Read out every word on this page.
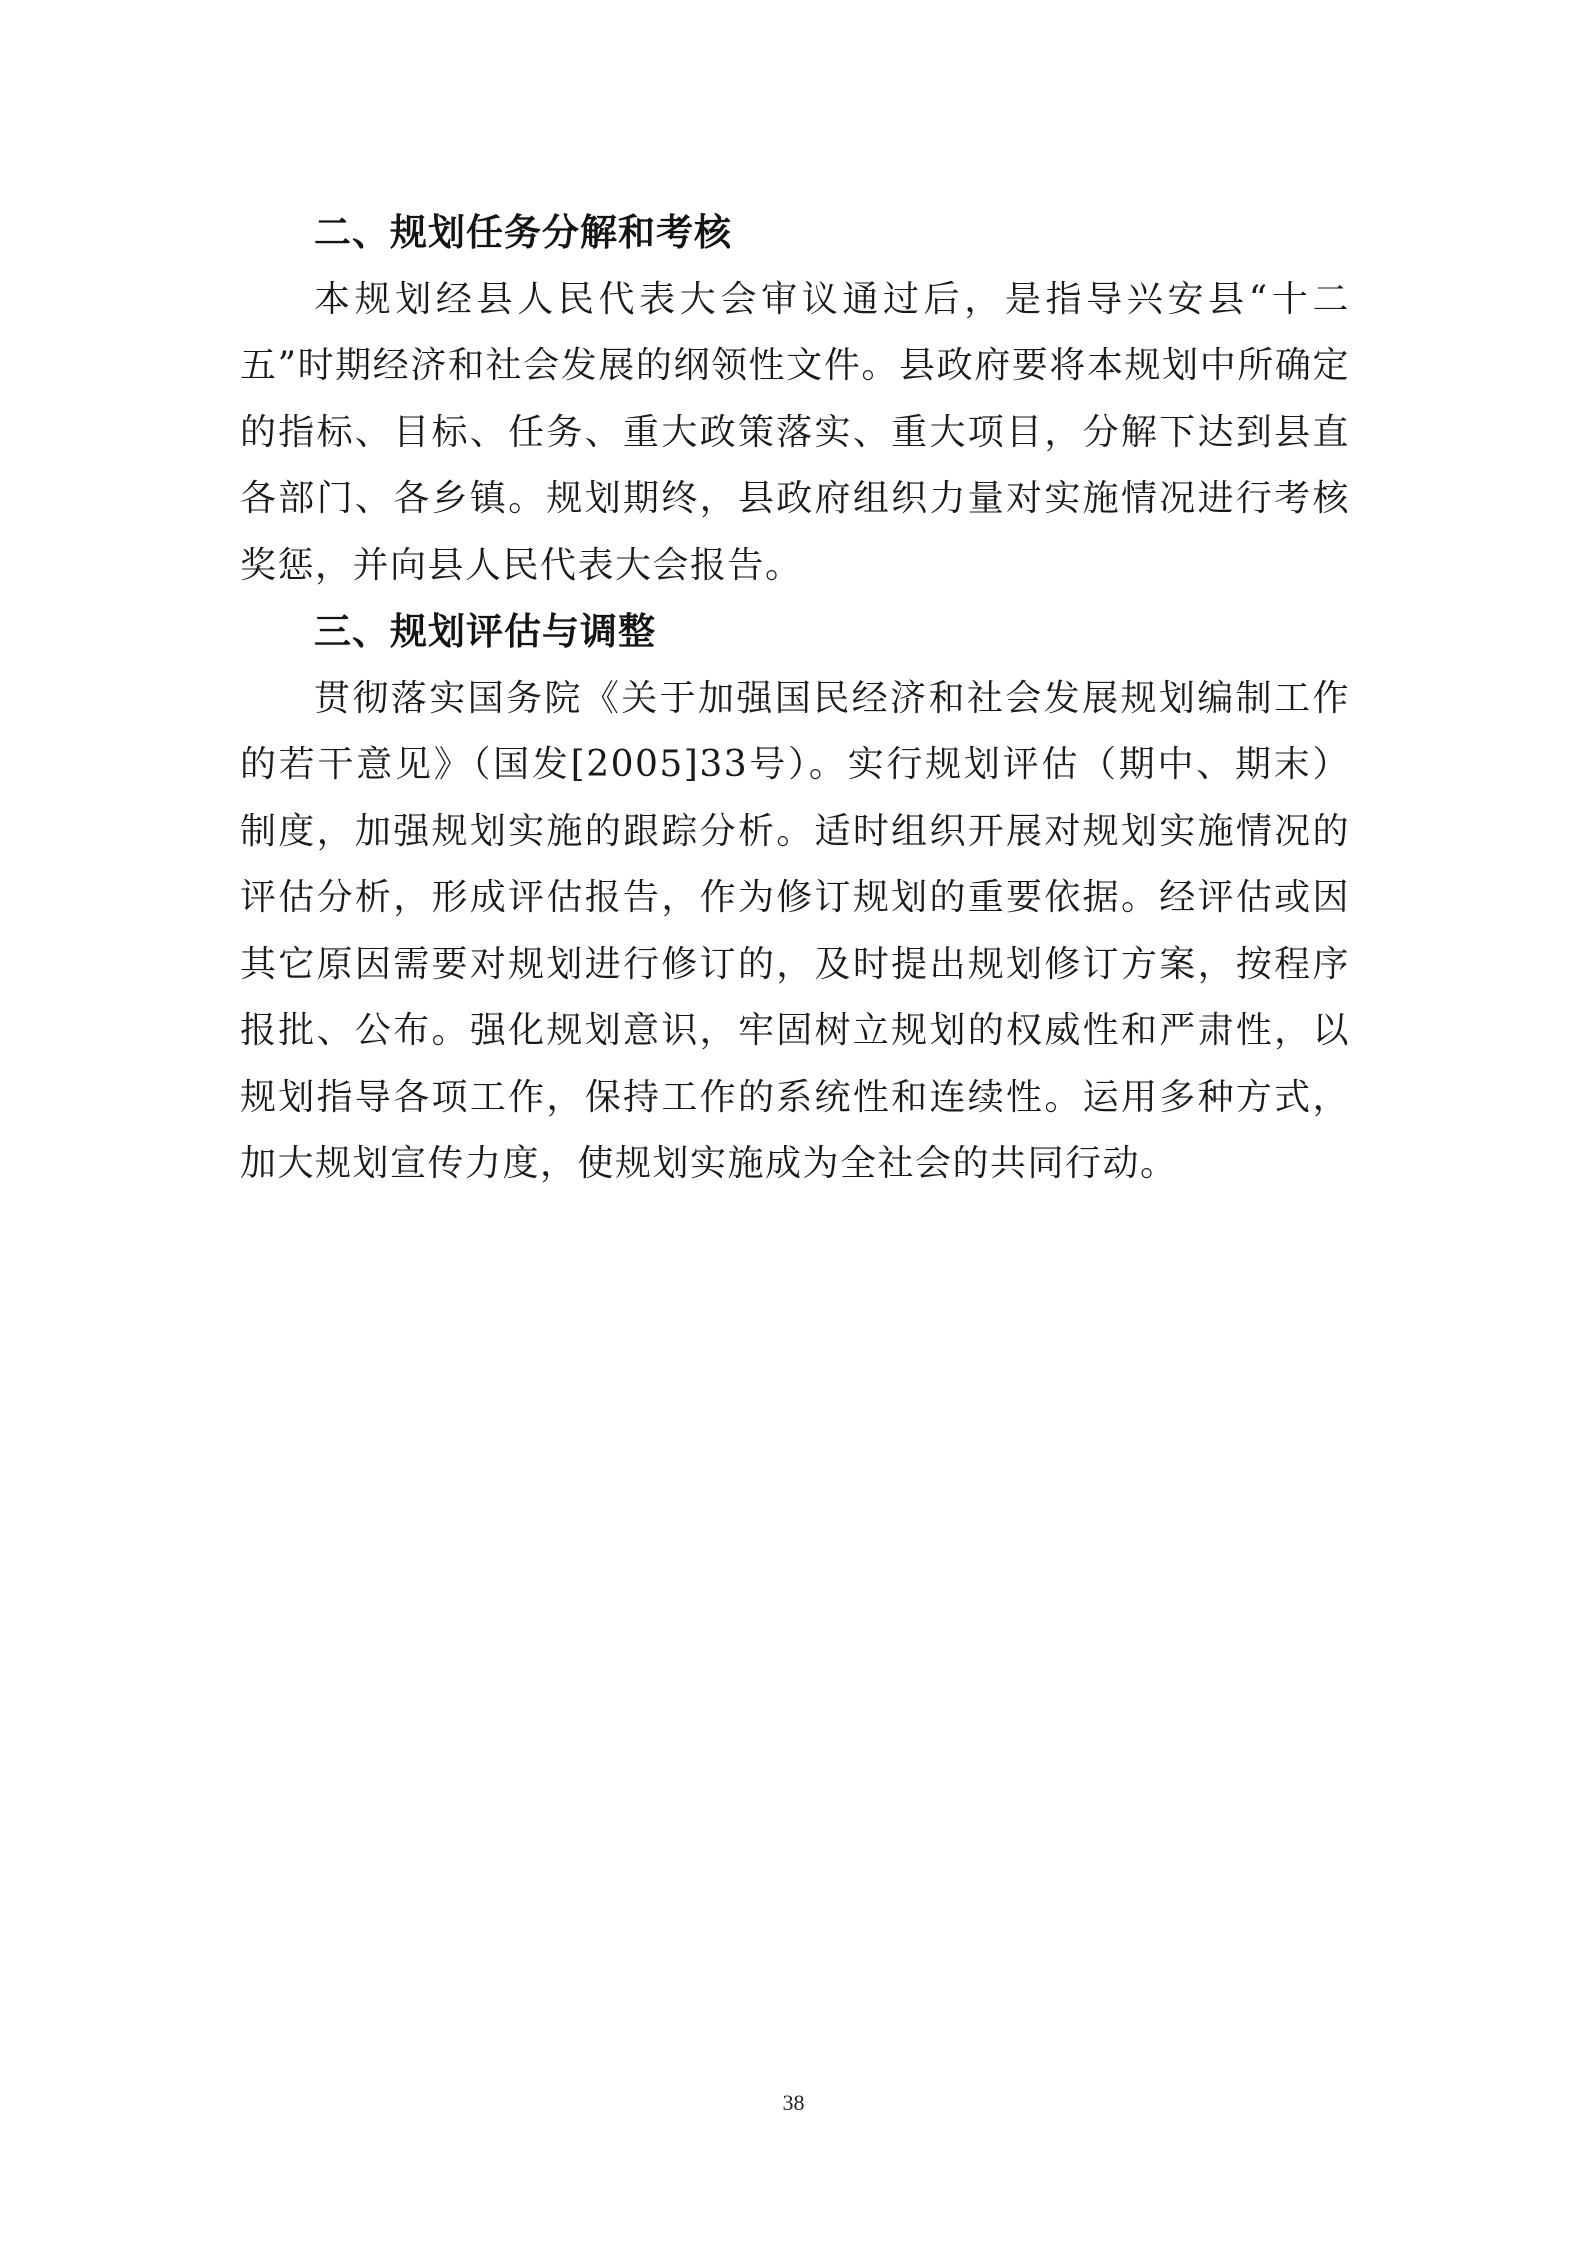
二、规划任务分解和考核

本规划经县人民代表大会审议通过后，是指导兴安县“十二五”时期经济和社会发展的纲领性文件。县政府要将本规划中所确定的指标、目标、任务、重大政策落实、重大项目，分解下达到县直各部门、各乡镇。规划期终，县政府组织力量对实施情况进行考核奖惩，并向县人民代表大会报告。

三、规划评估与调整

贯彻落实国务院《关于加强国民经济和社会发展规划编制工作的若干意见》（国发[2005]33号）。实行规划评估（期中、期末）制度，加强规划实施的跟踪分析。适时组织开展对规划实施情况的评估分析，形成评估报告，作为修订规划的重要依据。经评估或因其它原因需要对规划进行修订的，及时提出规划修订方案，按程序报批、公布。强化规划意识，牢固树立规划的权威性和严肃性，以规划指导各项工作，保持工作的系统性和连续性。运用多种方式，加大规划宣传力度，使规划实施成为全社会的共同行动。

38
